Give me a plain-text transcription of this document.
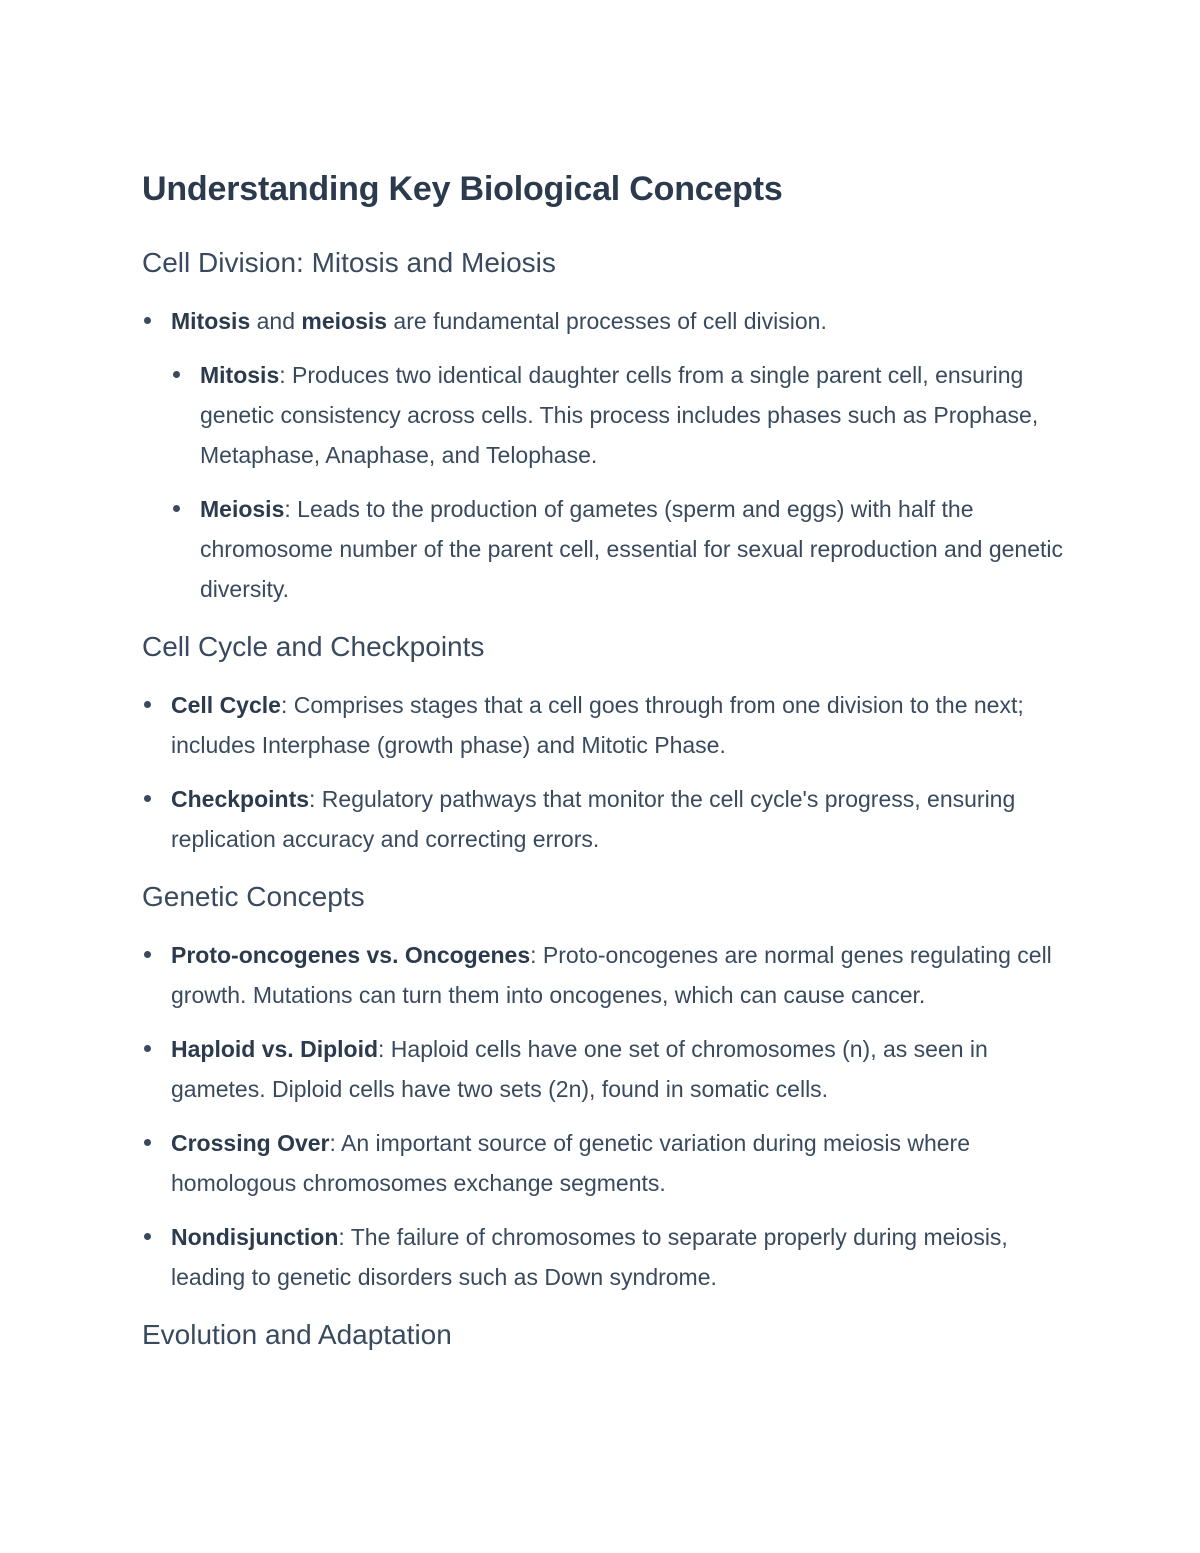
Understanding Key Biological Concepts
Cell Division: Mitosis and Meiosis
Mitosis and meiosis are fundamental processes of cell division.
Mitosis: Produces two identical daughter cells from a single parent cell, ensuring genetic consistency across cells. This process includes phases such as Prophase, Metaphase, Anaphase, and Telophase.
Meiosis: Leads to the production of gametes (sperm and eggs) with half the chromosome number of the parent cell, essential for sexual reproduction and genetic diversity.
Cell Cycle and Checkpoints
Cell Cycle: Comprises stages that a cell goes through from one division to the next; includes Interphase (growth phase) and Mitotic Phase.
Checkpoints: Regulatory pathways that monitor the cell cycle's progress, ensuring replication accuracy and correcting errors.
Genetic Concepts
Proto-oncogenes vs. Oncogenes: Proto-oncogenes are normal genes regulating cell growth. Mutations can turn them into oncogenes, which can cause cancer.
Haploid vs. Diploid: Haploid cells have one set of chromosomes (n), as seen in gametes. Diploid cells have two sets (2n), found in somatic cells.
Crossing Over: An important source of genetic variation during meiosis where homologous chromosomes exchange segments.
Nondisjunction: The failure of chromosomes to separate properly during meiosis, leading to genetic disorders such as Down syndrome.
Evolution and Adaptation
